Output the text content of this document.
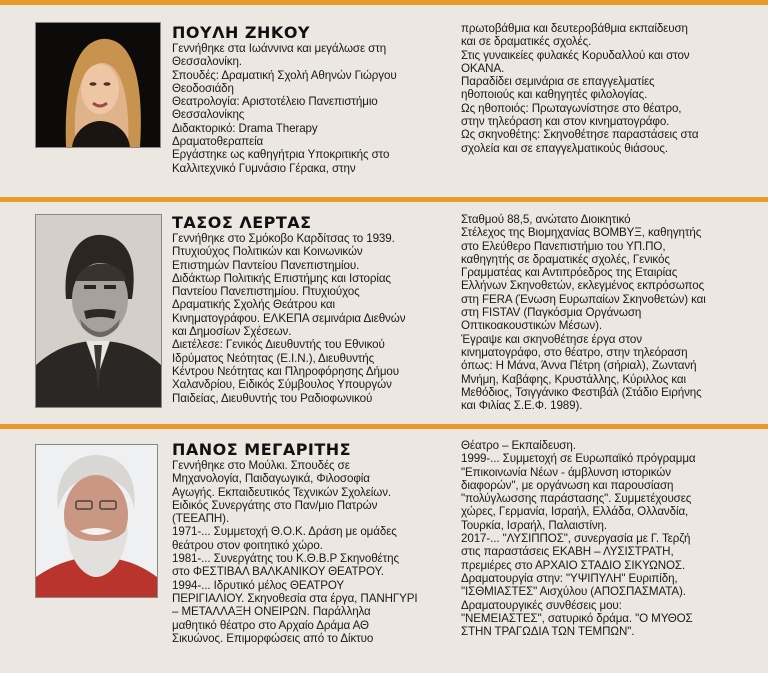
ΠΟΥΛΗ ΖΗΚΟΥ

Γεννήθηκε στα Ιωάννινα και μεγάλωσε στη

Θεσσαλονίκη.

Σπουδές: Δραματική Σχολή Αθηνών Γιώργου

Θεοδοσιάδη

Θεατρολογία: Αριστοτέλειο Πανεπιστήμιο

Θεσσαλονίκης

Διδακτορικό: Drama Therapy

Δραματοθεραπεία

Εργάστηκε ως καθηγήτρια Υποκριτικής στο

Καλλιτεχνικό Γυμνάσιο Γέρακα, στην

πρωτοβάθμια και δευτεροβάθμια εκπαίδευση

και σε δραματικές σχολές.

Στις γυναικείες φυλακές Κορυδαλλού και στον

ΟΚΑΝΑ.

Παραδίδει σεμινάρια σε επαγγελματίες

ηθοποιούς και καθηγητές φιλολογίας.

Ως ηθοποιός: Πρωταγωνίστησε στο θέατρο,

στην τηλεόραση και στον κινηματογράφο.

Ως σκηνοθέτης: Σκηνοθέτησε παραστάσεις στα

σχολεία και σε επαγγελματικούς θιάσους.

ΤΑΣΟΣ ΛΕΡΤΑΣ

Γεννήθηκε στο Σμόκοβο Καρδίτσας το 1939.

Πτυχιούχος Πολιτικών και Κοινωνικών

Επιστημών Παντείου Πανεπιστημίου.

Διδάκτωρ Πολιτικής Επιστήμης και Ιστορίας

Παντείου Πανεπιστημίου. Πτυχιούχος

Δραματικής Σχολής Θεάτρου και

Κινηματογράφου. ΕΛΚΕΠΑ σεμινάρια Διεθνών

και Δημοσίων Σχέσεων.

Διετέλεσε: Γενικός Διευθυντής του Εθνικού

Ιδρύματος Νεότητας (Ε.Ι.Ν.), Διευθυντής

Κέντρου Νεότητας και Πληροφόρησης Δήμου

Χαλανδρίου, Ειδικός Σύμβουλος Υπουργών

Παιδείας, Διευθυντής του Ραδιοφωνικού

Σταθμού 88,5, ανώτατο Διοικητικό

Στέλεχος της Βιομηχανίας ΒΟΜΒΥΞ, καθηγητής

στο Ελεύθερο Πανεπιστήμιο του ΥΠ.ΠΟ,

καθηγητής σε δραματικές σχολές, Γενικός

Γραμματέας και Αντιπρόεδρος της Εταιρίας

Ελλήνων Σκηνοθετών, εκλεγμένος εκπρόσωπος

στη FERA (Ένωση Ευρωπαίων Σκηνοθετών) και

στη FISTAV (Παγκόσμια Οργάνωση

Οπτικοακουστικών Μέσων).

Έγραψε και σκηνοθέτησε έργα στον

κινηματογράφο, στο θέατρο, στην τηλεόραση

όπως: Η Μάνα, Άννα Πέτρη (σήριαλ), Ζωντανή

Μνήμη, Καβάφης, Κρυστάλλης, Κύριλλος και

Μεθόδιος, Τσιγγάνικο Φεστιβάλ (Στάδιο Ειρήνης

και Φιλίας Σ.Ε.Φ. 1989).

ΠΑΝΟΣ ΜΕΓΑΡΙΤΗΣ

Γεννήθηκε στο Μούλκι. Σπουδές σε

Μηχανολογία, Παιδαγωγικά, Φιλοσοφία

Αγωγής. Εκπαιδευτικός Τεχνικών Σχολείων.

Ειδικός Συνεργάτης στο Παν/μιο Πατρών

(ΤΕΕΑΠΗ).

1971-... Συμμετοχή Θ.Ο.Κ. Δράση με ομάδες

θεάτρου στον φοιτητικό χώρο.

1981-... Συνεργάτης του Κ.Θ.Β.Ρ Σκηνοθέτης

στο ΦΕΣΤΙΒΑΛ ΒΑΛΚΑΝΙΚΟΥ ΘΕΑΤΡΟΥ.

1994-... Ιδρυτικό μέλος ΘΕΑΤΡΟΥ

ΠΕΡΙΓΙΑΛΙΟΥ. Σκηνοθεσία στα έργα, ΠΑΝΗΓΥΡΙ

– ΜΕΤΑΛΛΑΞΗ ΟΝΕΙΡΩΝ. Παράλληλα

μαθητικό θέατρο στο Αρχαίο Δράμα ΑΘ

Σικυώνος. Επιμορφώσεις από το Δίκτυο

Θέατρο – Εκπαίδευση.

1999-... Συμμετοχή σε Ευρωπαϊκό πρόγραμμα

"Επικοινωνία Νέων - άμβλυνση ιστορικών

διαφορών", με οργάνωση και παρουσίαση

"πολύγλωσσης παράστασης". Συμμετέχουσες

χώρες, Γερμανία, Ισραήλ, Ελλάδα, Ολλανδία,

Τουρκία, Ισραήλ, Παλαιστίνη.

2017-... "ΛΥΣΙΠΠΟΣ", συνεργασία με Γ. Τερζή

στις παραστάσεις ΕΚΑΒΗ – ΛΥΣΙΣΤΡΑΤΗ,

πρεμιέρες στο ΑΡΧΑΙΟ ΣΤΑΔΙΟ ΣΙΚΥΩΝΟΣ.

Δραματουργία στην: "ΥΨΙΠΥΛΗ" Ευριπίδη,

"ΙΣΘΜΙΑΣΤΕΣ" Αισχύλου (ΑΠΟΣΠΑΣΜΑΤΑ).

Δραματουργικές συνθέσεις μου:

"ΝΕΜΕΙΑΣΤΕΣ", σατυρικό δράμα. "Ο ΜΥΘΟΣ

ΣΤΗΝ ΤΡΑΓΩΔΙΑ ΤΩΝ ΤΕΜΠΩΝ".
